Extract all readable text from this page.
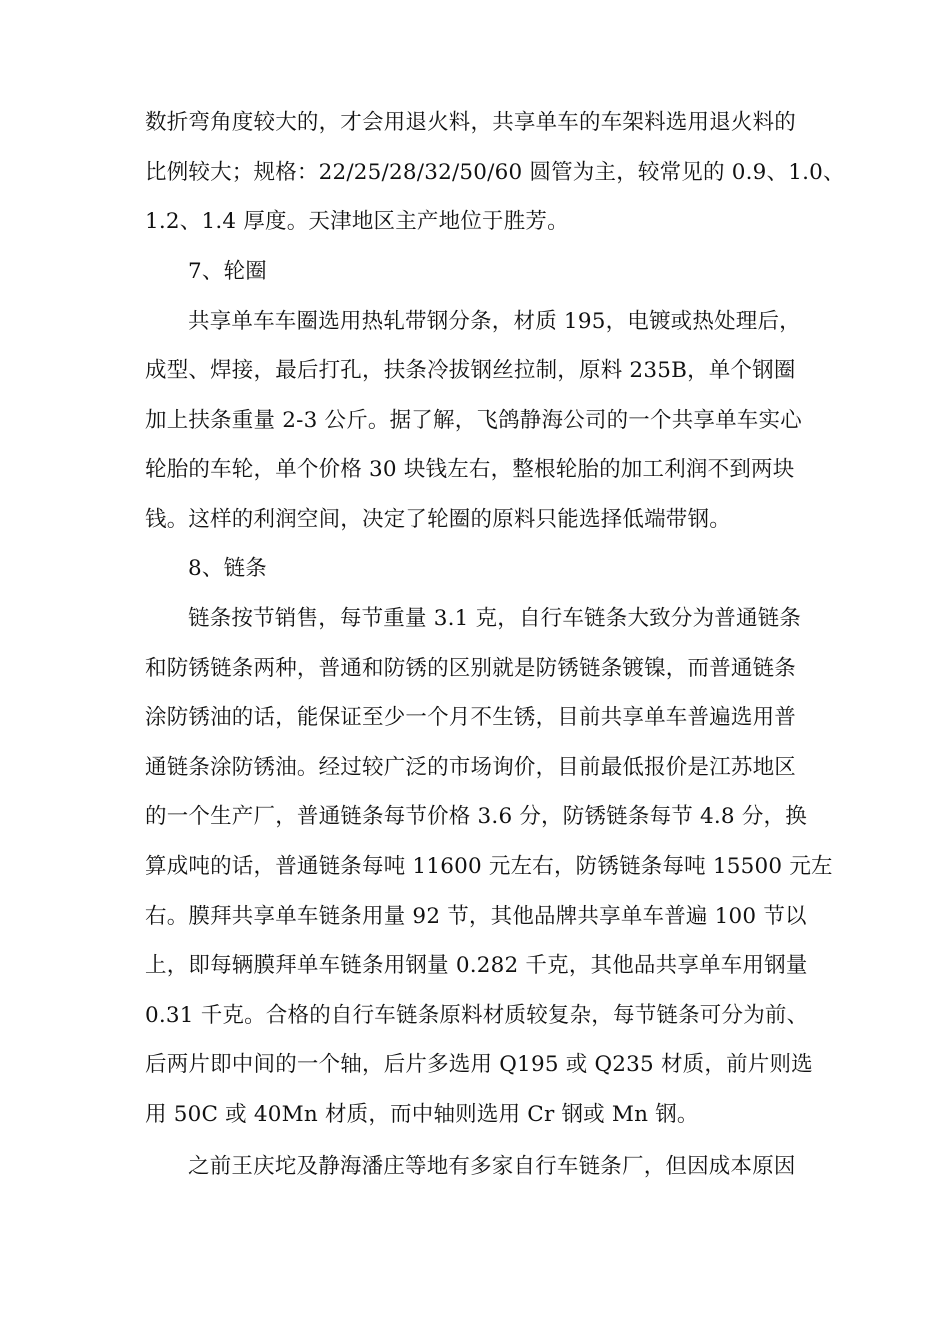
数折弯角度较大的，才会用退火料，共享单车的车架料选用退火料的
比例较大；规格：22/25/28/32/50/60 圆管为主，较常见的 0.9、1.0、
1.2、1.4 厚度。天津地区主产地位于胜芳。
7、轮圈
共享单车车圈选用热轧带钢分条，材质 195，电镀或热处理后，
成型、焊接，最后打孔，扶条冷拔钢丝拉制，原料 235B，单个钢圈
加上扶条重量 2-3 公斤。据了解，飞鸽静海公司的一个共享单车实心
轮胎的车轮，单个价格 30 块钱左右，整根轮胎的加工利润不到两块
钱。这样的利润空间，决定了轮圈的原料只能选择低端带钢。
8、链条
链条按节销售，每节重量 3.1 克，自行车链条大致分为普通链条
和防锈链条两种，普通和防锈的区别就是防锈链条镀镍，而普通链条
涂防锈油的话，能保证至少一个月不生锈，目前共享单车普遍选用普
通链条涂防锈油。经过较广泛的市场询价，目前最低报价是江苏地区
的一个生产厂，普通链条每节价格 3.6 分，防锈链条每节 4.8 分，换
算成吨的话，普通链条每吨 11600 元左右，防锈链条每吨 15500 元左
右。膜拜共享单车链条用量 92 节，其他品牌共享单车普遍 100 节以
上，即每辆膜拜单车链条用钢量 0.282 千克，其他品共享单车用钢量
0.31 千克。合格的自行车链条原料材质较复杂，每节链条可分为前、
后两片即中间的一个轴，后片多选用 Q195 或 Q235 材质，前片则选
用 50C 或 40Mn 材质，而中轴则选用 Cr 钢或 Mn 钢。
之前王庆坨及静海潘庄等地有多家自行车链条厂，但因成本原因
